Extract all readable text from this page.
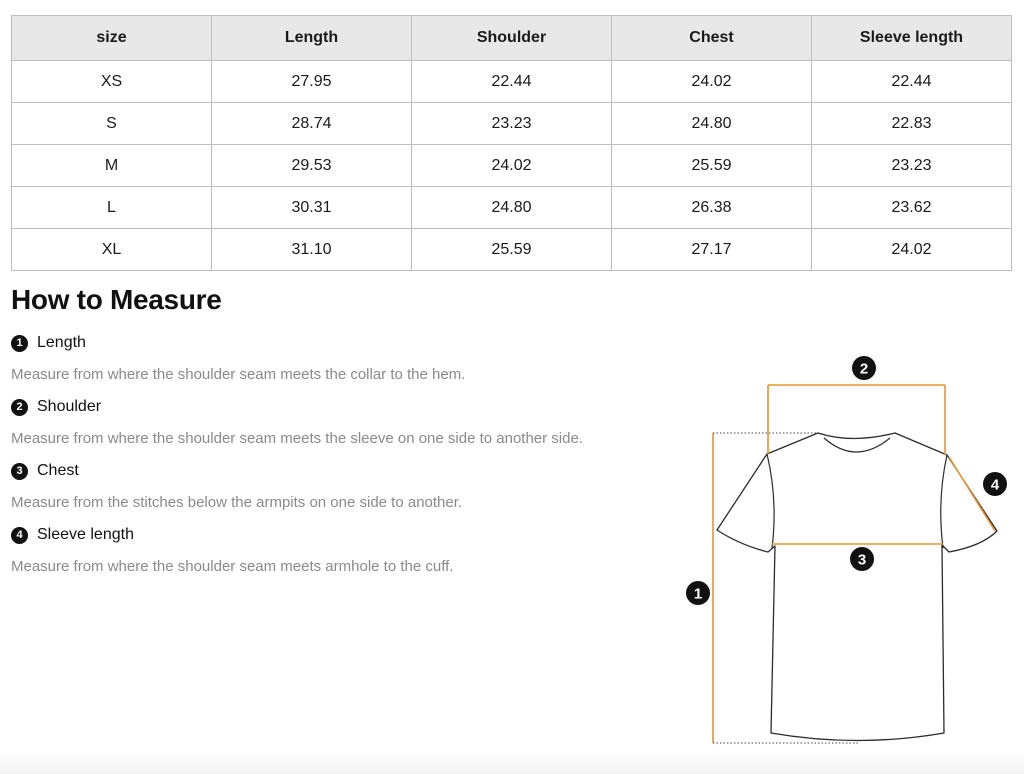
size	Length	Shoulder	Chest	Sleeve length
XS	27.95	22.44	24.02	22.44
S	28.74	23.23	24.80	22.83
M	29.53	24.02	25.59	23.23
L	30.31	24.80	26.38	23.62
XL	31.10	25.59	27.17	24.02
How to Measure
1 Length
Measure from where the shoulder seam meets the collar to the hem.
2 Shoulder
Measure from where the shoulder seam meets the sleeve on one side to another side.
3 Chest
Measure from the stitches below the armpits on one side to another.
4 Sleeve length
Measure from where the shoulder seam meets armhole to the cuff.
1
2
3
4
